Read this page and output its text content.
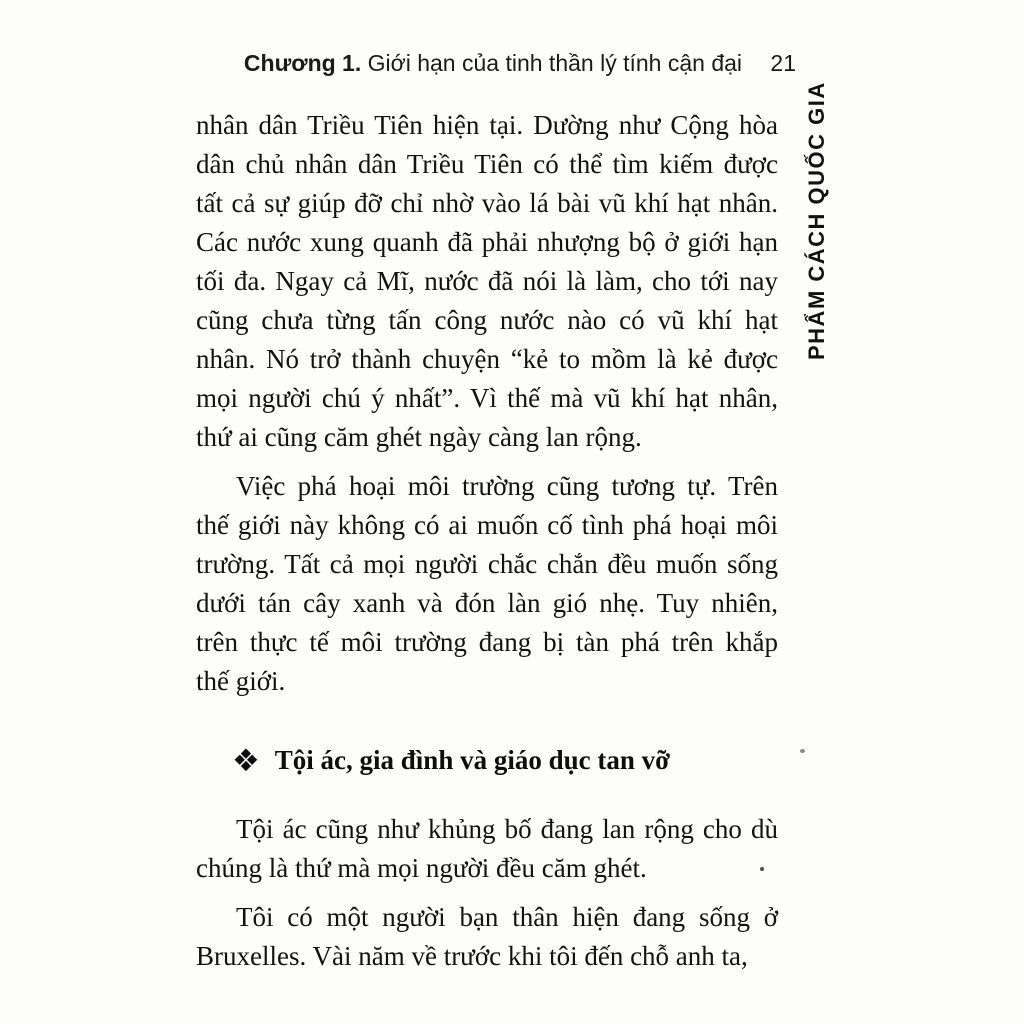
Chương 1. Giới hạn của tinh thần lý tính cận đại 21
PHẨM CÁCH QUỐC GIA
nhân dân Triều Tiên hiện tại. Dường như Cộng hòa
dân chủ nhân dân Triều Tiên có thể tìm kiếm được
tất cả sự giúp đỡ chỉ nhờ vào lá bài vũ khí hạt nhân.
Các nước xung quanh đã phải nhượng bộ ở giới hạn
tối đa. Ngay cả Mĩ, nước đã nói là làm, cho tới nay
cũng chưa từng tấn công nước nào có vũ khí hạt
nhân. Nó trở thành chuyện “kẻ to mồm là kẻ được
mọi người chú ý nhất”. Vì thế mà vũ khí hạt nhân,
thứ ai cũng căm ghét ngày càng lan rộng.
Việc phá hoại môi trường cũng tương tự. Trên
thế giới này không có ai muốn cố tình phá hoại môi
trường. Tất cả mọi người chắc chắn đều muốn sống
dưới tán cây xanh và đón làn gió nhẹ. Tuy nhiên,
trên thực tế môi trường đang bị tàn phá trên khắp
thế giới.
❖ Tội ác, gia đình và giáo dục tan vỡ
Tội ác cũng như khủng bố đang lan rộng cho dù
chúng là thứ mà mọi người đều căm ghét.
Tôi có một người bạn thân hiện đang sống ở
Bruxelles. Vài năm về trước khi tôi đến chỗ anh ta,
